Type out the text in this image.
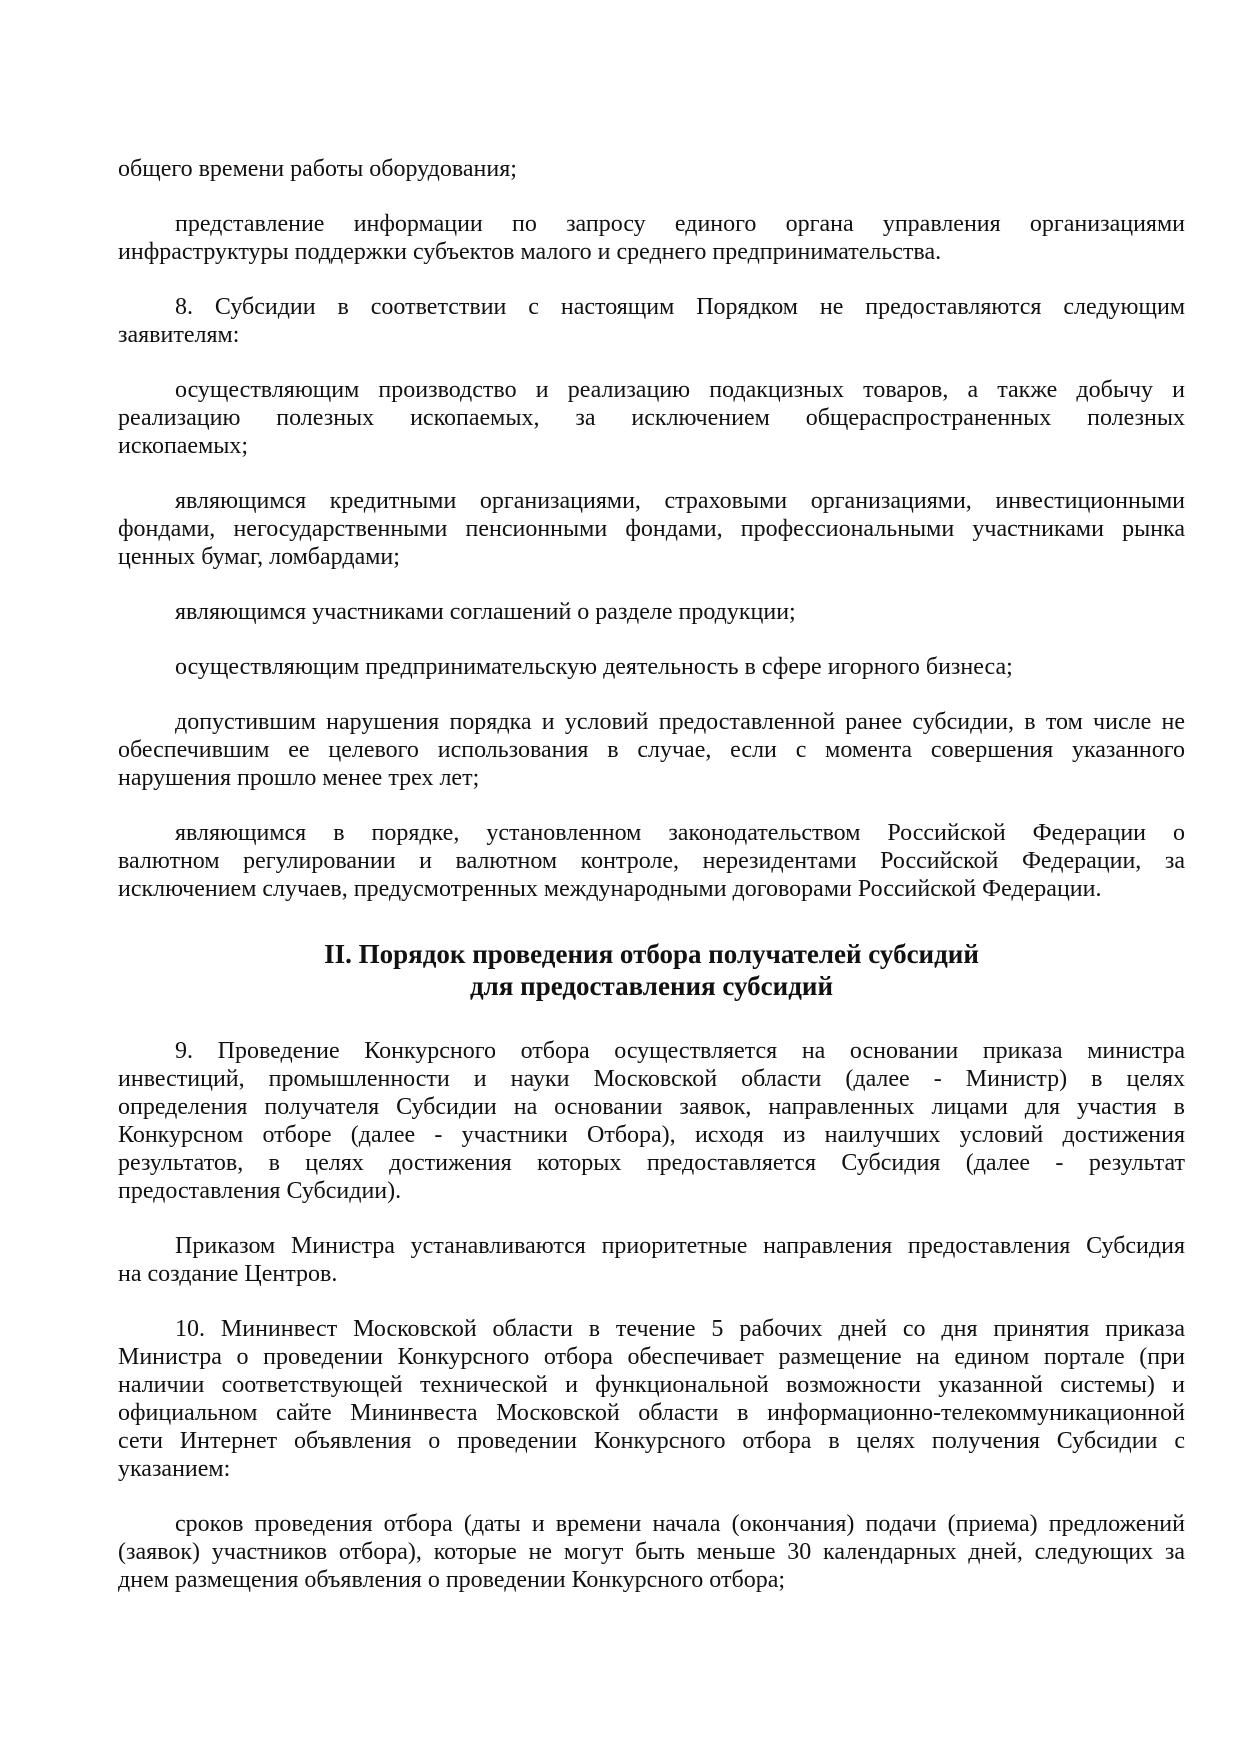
общего времени работы оборудования;
представление информации по запросу единого органа управления организациями
инфраструктуры поддержки субъектов малого и среднего предпринимательства.
8. Субсидии в соответствии с настоящим Порядком не предоставляются следующим
заявителям:
осуществляющим производство и реализацию подакцизных товаров, а также добычу и
реализацию полезных ископаемых, за исключением общераспространенных полезных
ископаемых;
являющимся кредитными организациями, страховыми организациями, инвестиционными
фондами, негосударственными пенсионными фондами, профессиональными участниками рынка
ценных бумаг, ломбардами;
являющимся участниками соглашений о разделе продукции;
осуществляющим предпринимательскую деятельность в сфере игорного бизнеса;
допустившим нарушения порядка и условий предоставленной ранее субсидии, в том числе не
обеспечившим ее целевого использования в случае, если с момента совершения указанного
нарушения прошло менее трех лет;
являющимся в порядке, установленном законодательством Российской Федерации о
валютном регулировании и валютном контроле, нерезидентами Российской Федерации, за
исключением случаев, предусмотренных международными договорами Российской Федерации.
II. Порядок проведения отбора получателей субсидий
для предоставления субсидий
9. Проведение Конкурсного отбора осуществляется на основании приказа министра
инвестиций, промышленности и науки Московской области (далее - Министр) в целях
определения получателя Субсидии на основании заявок, направленных лицами для участия в
Конкурсном отборе (далее - участники Отбора), исходя из наилучших условий достижения
результатов, в целях достижения которых предоставляется Субсидия (далее - результат
предоставления Субсидии).
Приказом Министра устанавливаются приоритетные направления предоставления Субсидия
на создание Центров.
10. Мининвест Московской области в течение 5 рабочих дней со дня принятия приказа
Министра о проведении Конкурсного отбора обеспечивает размещение на едином портале (при
наличии соответствующей технической и функциональной возможности указанной системы) и
официальном сайте Мининвеста Московской области в информационно-телекоммуникационной
сети Интернет объявления о проведении Конкурсного отбора в целях получения Субсидии с
указанием:
сроков проведения отбора (даты и времени начала (окончания) подачи (приема) предложений
(заявок) участников отбора), которые не могут быть меньше 30 календарных дней, следующих за
днем размещения объявления о проведении Конкурсного отбора;
